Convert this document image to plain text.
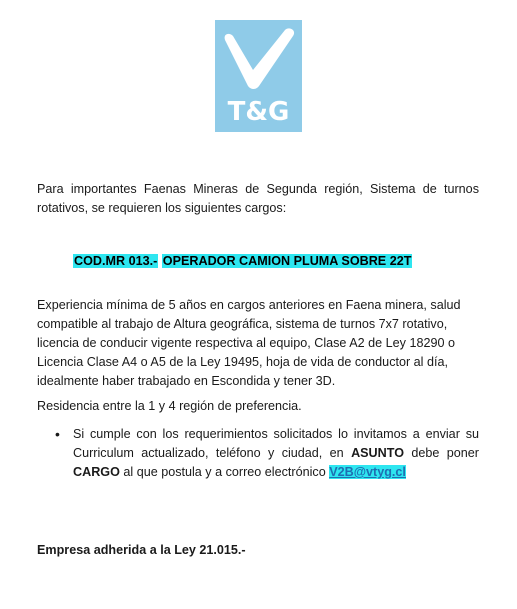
T&G

Para importantes Faenas Mineras de Segunda región, Sistema de turnos rotativos, se requieren los siguientes cargos:

COD.MR 013.- OPERADOR CAMION PLUMA SOBRE 22T

Experiencia mínima de 5 años en cargos anteriores en Faena minera, salud compatible al trabajo de Altura geográfica, sistema de turnos 7x7 rotativo, licencia de conducir vigente respectiva al equipo, Clase A2 de Ley 18290 o Licencia Clase A4 o A5 de la Ley 19495, hoja de vida de conductor al día, idealmente haber trabajado en Escondida y tener 3D.

Residencia entre la 1 y 4 región de preferencia.

• Si cumple con los requerimientos solicitados lo invitamos a enviar su Curriculum actualizado, teléfono y ciudad, en ASUNTO debe poner CARGO al que postula y a correo electrónico V2B@vtyg.cl

Empresa adherida a la Ley 21.015.-
